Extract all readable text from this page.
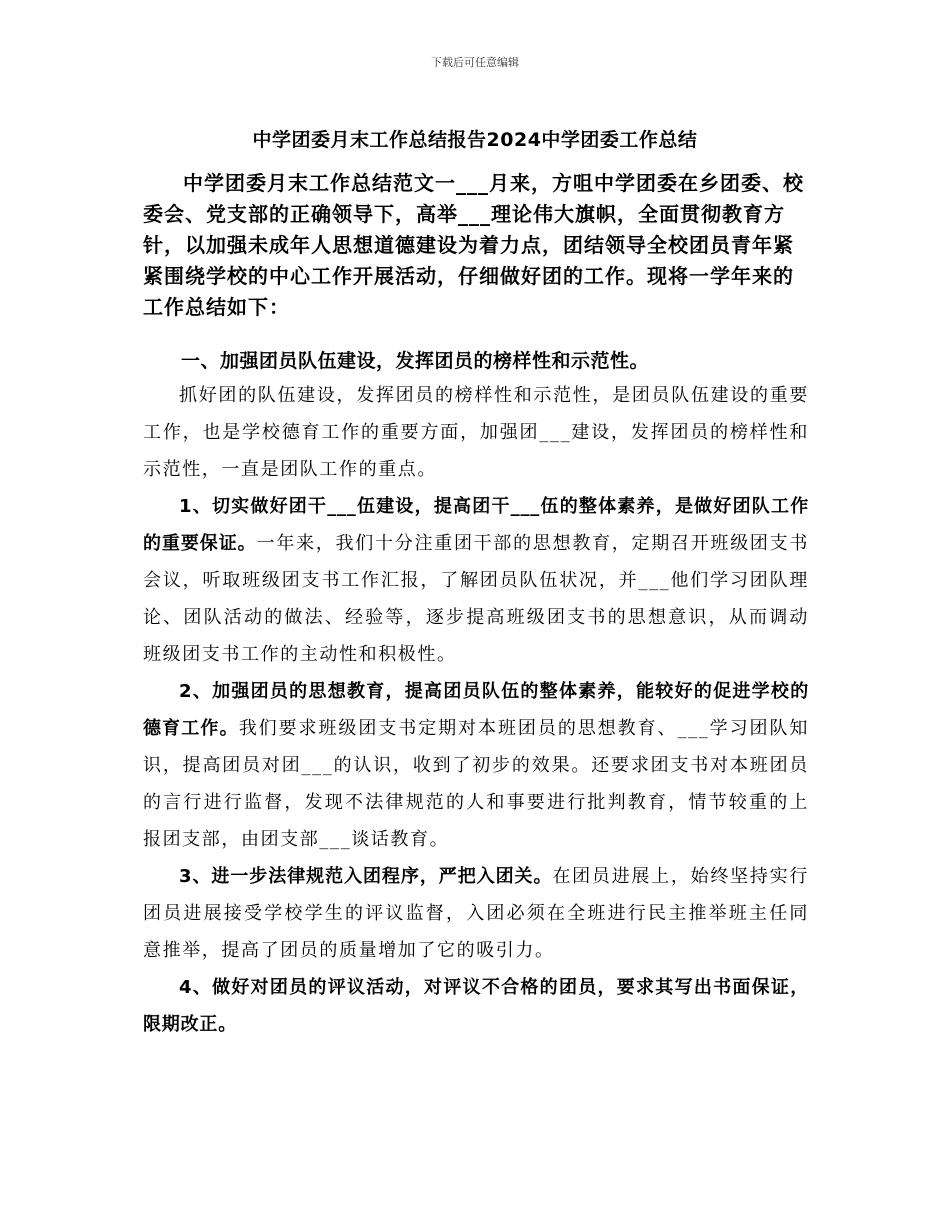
下载后可任意编辑
中学团委月末工作总结报告2024中学团委工作总结

中学团委月末工作总结范文一___月来，方咀中学团委在乡团委、校委会、党支部的正确领导下，高举___理论伟大旗帜，全面贯彻教育方针，以加强未成年人思想道德建设为着力点，团结领导全校团员青年紧紧围绕学校的中心工作开展活动，仔细做好团的工作。现将一学年来的工作总结如下：

一、加强团员队伍建设，发挥团员的榜样性和示范性。

抓好团的队伍建设，发挥团员的榜样性和示范性，是团员队伍建设的重要工作，也是学校德育工作的重要方面，加强团___建设，发挥团员的榜样性和示范性，一直是团队工作的重点。

1、切实做好团干___伍建设，提高团干___伍的整体素养，是做好团队工作的重要保证。一年来，我们十分注重团干部的思想教育，定期召开班级团支书会议，听取班级团支书工作汇报，了解团员队伍状况，并___他们学习团队理论、团队活动的做法、经验等，逐步提高班级团支书的思想意识，从而调动班级团支书工作的主动性和积极性。

2、加强团员的思想教育，提高团员队伍的整体素养，能较好的促进学校的德育工作。我们要求班级团支书定期对本班团员的思想教育、___学习团队知识，提高团员对团___的认识，收到了初步的效果。还要求团支书对本班团员的言行进行监督，发现不法律规范的人和事要进行批判教育，情节较重的上报团支部，由团支部___谈话教育。

3、进一步法律规范入团程序，严把入团关。在团员进展上，始终坚持实行团员进展接受学校学生的评议监督，入团必须在全班进行民主推举班主任同意推举，提高了团员的质量增加了它的吸引力。

4、做好对团员的评议活动，对评议不合格的团员，要求其写出书面保证，限期改正。
